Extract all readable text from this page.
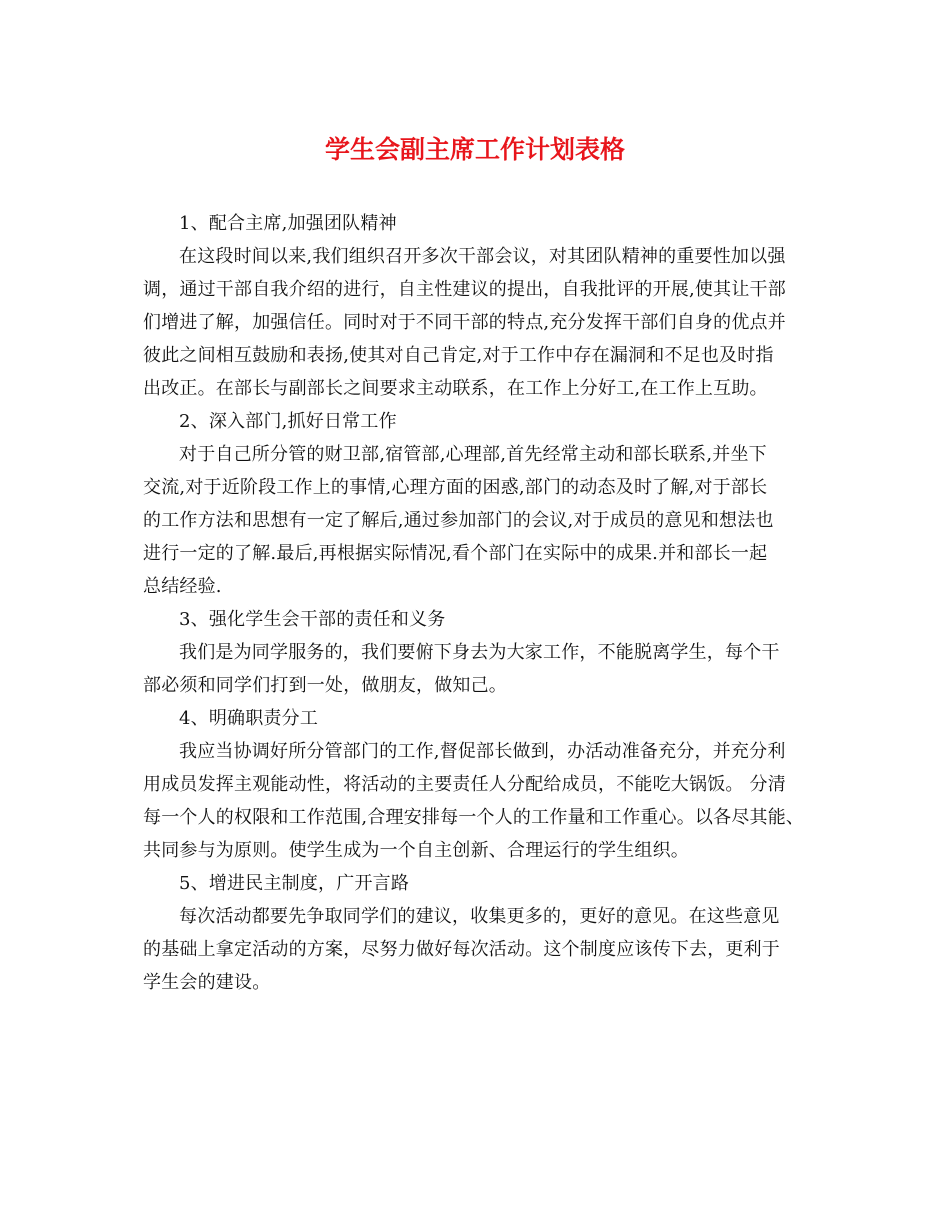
学生会副主席工作计划表格
1、配合主席,加强团队精神
在这段时间以来,我们组织召开多次干部会议，对其团队精神的重要性加以强
调，通过干部自我介绍的进行，自主性建议的提出，自我批评的开展,使其让干部
们增进了解，加强信任。同时对于不同干部的特点,充分发挥干部们自身的优点并
彼此之间相互鼓励和表扬,使其对自己肯定,对于工作中存在漏洞和不足也及时指
出改正。在部长与副部长之间要求主动联系，在工作上分好工,在工作上互助。
2、深入部门,抓好日常工作
对于自己所分管的财卫部,宿管部,心理部,首先经常主动和部长联系,并坐下
交流,对于近阶段工作上的事情,心理方面的困惑,部门的动态及时了解,对于部长
的工作方法和思想有一定了解后,通过参加部门的会议,对于成员的意见和想法也
进行一定的了解.最后,再根据实际情况,看个部门在实际中的成果.并和部长一起
总结经验.
3、强化学生会干部的责任和义务
我们是为同学服务的，我们要俯下身去为大家工作，不能脱离学生，每个干
部必须和同学们打到一处，做朋友，做知己。
4、明确职责分工
我应当协调好所分管部门的工作,督促部长做到，办活动准备充分，并充分利
用成员发挥主观能动性，将活动的主要责任人分配给成员，不能吃大锅饭。 分清
每一个人的权限和工作范围,合理安排每一个人的工作量和工作重心。以各尽其能、
共同参与为原则。使学生成为一个自主创新、合理运行的学生组织。
5、增进民主制度，广开言路
每次活动都要先争取同学们的建议，收集更多的，更好的意见。在这些意见
的基础上拿定活动的方案，尽努力做好每次活动。这个制度应该传下去，更利于
学生会的建设。
